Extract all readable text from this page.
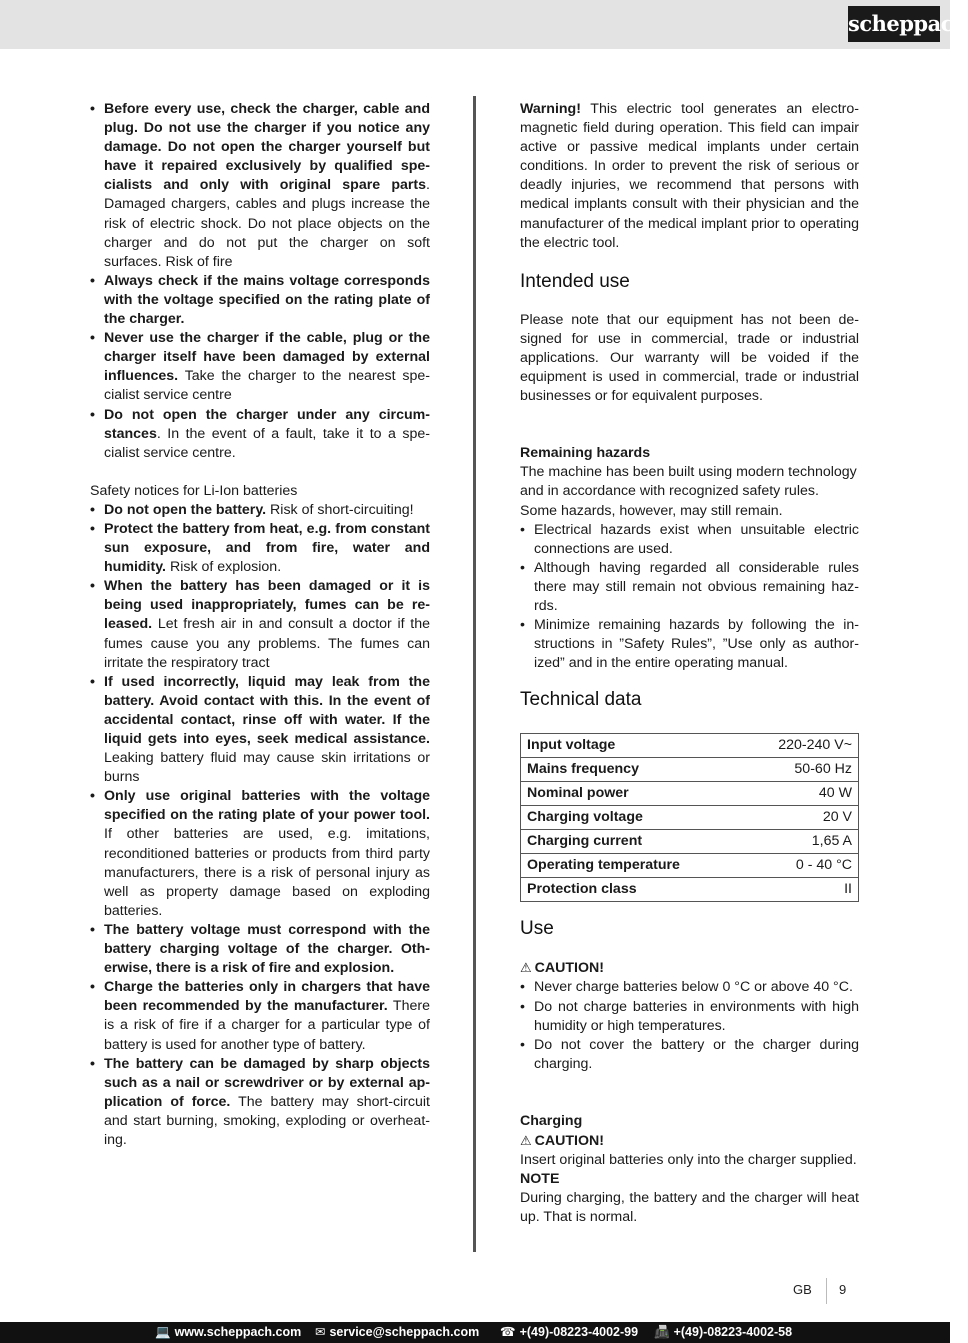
scheppach
• Before every use, check the charger, cable and plug. Do not use the charger if you notice any damage. Do not open the charger yourself but have it repaired exclusively by qualified specialists and only with original spare parts. Damaged chargers, cables and plugs increase the risk of electric shock. Do not place objects on the charger and do not put the charger on soft surfaces. Risk of fire
• Always check if the mains voltage corresponds with the voltage specified on the rating plate of the charger.
• Never use the charger if the cable, plug or the charger itself have been damaged by external influences. Take the charger to the nearest specialist service centre
• Do not open the charger under any circumstances. In the event of a fault, take it to a specialist service centre.
Safety notices for Li-Ion batteries
• Do not open the battery. Risk of short-circuiting!
• Protect the battery from heat, e.g. from constant sun exposure, and from fire, water and humidity. Risk of explosion.
• When the battery has been damaged or it is being used inappropriately, fumes can be released. Let fresh air in and consult a doctor if the fumes cause you any problems. The fumes can irritate the respiratory tract
• If used incorrectly, liquid may leak from the battery. Avoid contact with this. In the event of accidental contact, rinse off with water. If the liquid gets into eyes, seek medical assistance. Leaking battery fluid may cause skin irritations or burns
• Only use original batteries with the voltage specified on the rating plate of your power tool. If other batteries are used, e.g. imitations, reconditioned batteries or products from third party manufacturers, there is a risk of personal injury as well as property damage based on exploding batteries.
• The battery voltage must correspond with the battery charging voltage of the charger. Otherwise, there is a risk of fire and explosion.
• Charge the batteries only in chargers that have been recommended by the manufacturer. There is a risk of fire if a charger for a particular type of battery is used for another type of battery.
• The battery can be damaged by sharp objects such as a nail or screwdriver or by external application of force. The battery may short-circuit and start burning, smoking, exploding or overheating.

Warning! This electric tool generates an electromagnetic field during operation. This field can impair active or passive medical implants under certain conditions. In order to prevent the risk of serious or deadly injuries, we recommend that persons with medical implants consult with their physician and the manufacturer of the medical implant prior to operating the electric tool.

Intended use

Please note that our equipment has not been designed for use in commercial, trade or industrial applications. Our warranty will be voided if the equipment is used in commercial, trade or industrial businesses or for equivalent purposes.

Remaining hazards

The machine has been built using modern technology and in accordance with recognized safety rules.

Some hazards, however, may still remain.

• Electrical hazards exist when unsuitable electric connections are used.
• Although having regarded all considerable rules there may still remain not obvious remaining hazrds.
• Minimize remaining hazards by following the instructions in ”Safety Rules”, ”Use only as authorized” and in the entire operating manual.
Technical data
Input voltage	220-240 V~
Mains frequency	50-60 Hz
Nominal power	40 W
Charging voltage	20 V
Charging current	1,65 A
Operating temperature	0 - 40 °C
Protection class	II
Use
⚠ CAUTION!
• Never charge batteries below 0 °C or above 40 °C.
• Do not charge batteries in environments with high humidity or high temperatures.
• Do not cover the battery or the charger during charging.
Charging
⚠ CAUTION!

Insert original batteries only into the charger supplied.

NOTE

During charging, the battery and the charger will heat up. That is normal.

GB 9
💻 www.scheppach.com ✉ service@scheppach.com ☎ +(49)-08223-4002-99 📠 +(49)-08223-4002-58
